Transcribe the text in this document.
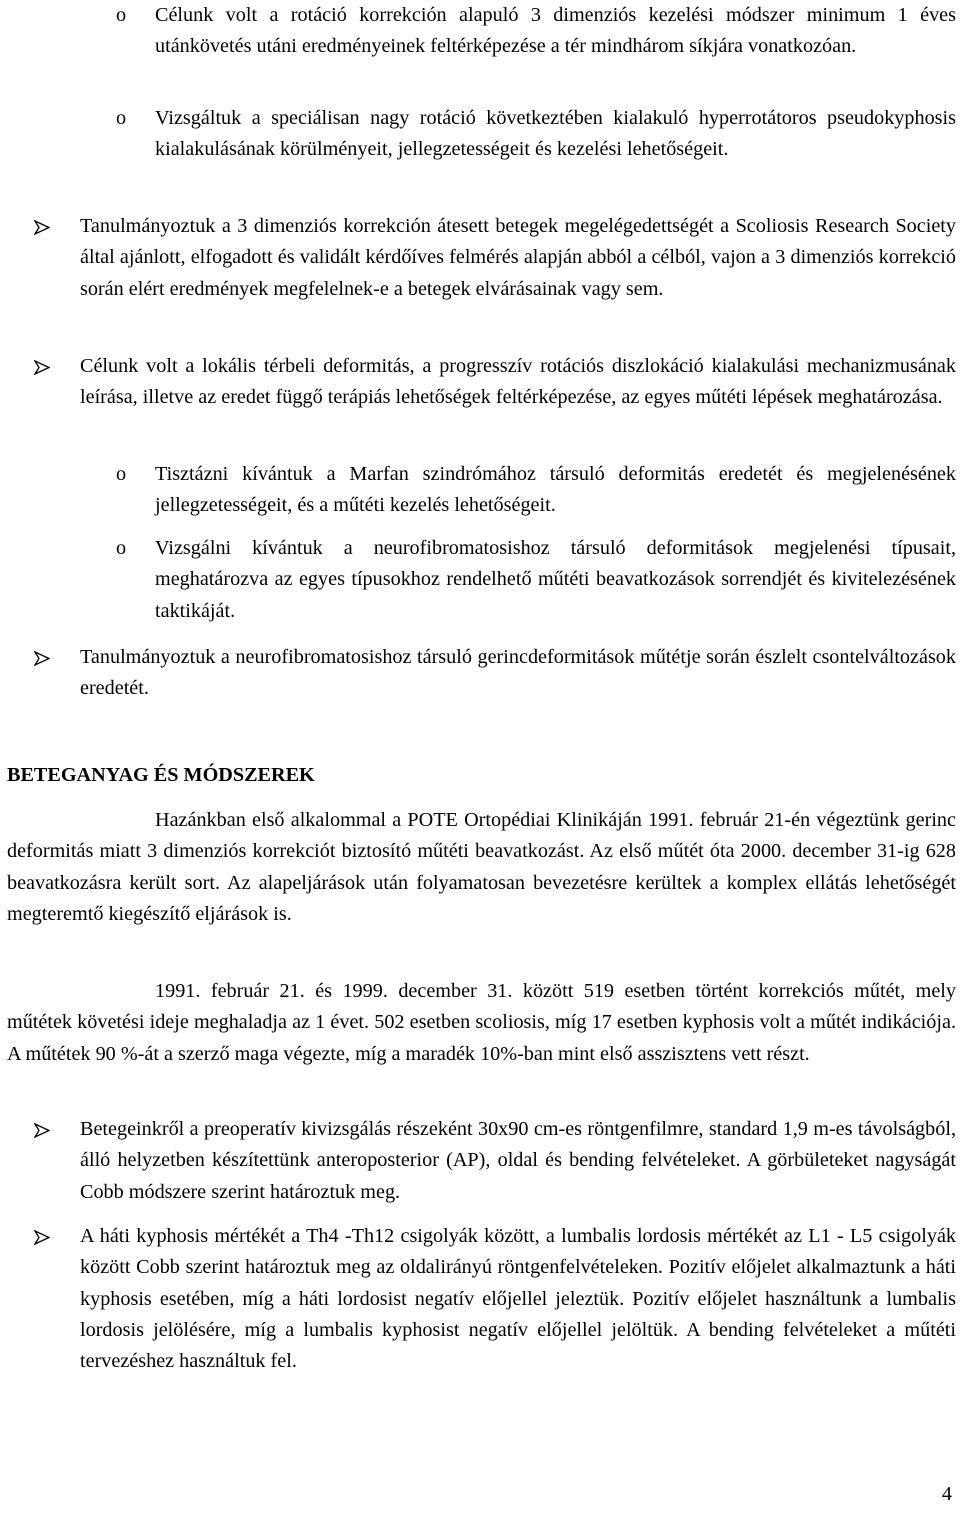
o Célunk volt a rotáció korrekción alapuló 3 dimenziós kezelési módszer minimum 1 éves utánkövetés utáni eredményeinek feltérképezése a tér mindhárom síkjára vonatkozóan.

o Vizsgáltuk a speciálisan nagy rotáció következtében kialakuló hyperrotátoros pseudokyphosis kialakulásának körülményeit, jellegzetességeit és kezelési lehetőségeit.

Tanulmányoztuk a 3 dimenziós korrekción átesett betegek megelégedettségét a Scoliosis Research Society által ajánlott, elfogadott és validált kérdőíves felmérés alapján abból a célból, vajon a 3 dimenziós korrekció során elért eredmények megfelelnek-e a betegek elvárásainak vagy sem.

Célunk volt a lokális térbeli deformitás, a progresszív rotációs diszlokáció kialakulási mechanizmusának leírása, illetve az eredet függő terápiás lehetőségek feltérképezése, az egyes műtéti lépések meghatározása.

o Tisztázni kívántuk a Marfan szindrómához társuló deformitás eredetét és megjelenésének jellegzetességeit, és a műtéti kezelés lehetőségeit.

o Vizsgálni kívántuk a neurofibromatosishoz társuló deformitások megjelenési típusait, meghatározva az egyes típusokhoz rendelhető műtéti beavatkozások sorrendjét és kivitelezésének taktikáját.

Tanulmányoztuk a neurofibromatosishoz társuló gerincdeformitások műtétje során észlelt csontelváltozások eredetét.

BETEGANYAG ÉS MÓDSZEREK

Hazánkban első alkalommal a POTE Ortopédiai Klinikáján 1991. február 21-én végeztünk gerinc deformitás miatt 3 dimenziós korrekciót biztosító műtéti beavatkozást. Az első műtét óta 2000. december 31-ig 628 beavatkozásra került sort. Az alapeljárások után folyamatosan bevezetésre kerültek a komplex ellátás lehetőségét megteremtő kiegészítő eljárások is.

1991. február 21. és 1999. december 31. között 519 esetben történt korrekciós műtét, mely műtétek követési ideje meghaladja az 1 évet. 502 esetben scoliosis, míg 17 esetben kyphosis volt a műtét indikációja. A műtétek 90 %-át a szerző maga végezte, míg a maradék 10%-ban mint első asszisztens vett részt.

Betegeinkről a preoperatív kivizsgálás részeként 30x90 cm-es röntgenfilmre, standard 1,9 m-es távolságból, álló helyzetben készítettünk anteroposterior (AP), oldal és bending felvételeket. A görbületeket nagyságát Cobb módszere szerint határoztuk meg.

A háti kyphosis mértékét a Th4 -Th12 csigolyák között, a lumbalis lordosis mértékét az L1 - L5 csigolyák között Cobb szerint határoztuk meg az oldalirányú röntgenfelvételeken. Pozitív előjelet alkalmaztunk a háti kyphosis esetében, míg a háti lordosist negatív előjellel jeleztük. Pozitív előjelet használtunk a lumbalis lordosis jelölésére, míg a lumbalis kyphosist negatív előjellel jelöltük. A bending felvételeket a műtéti tervezéshez használtuk fel.

4
